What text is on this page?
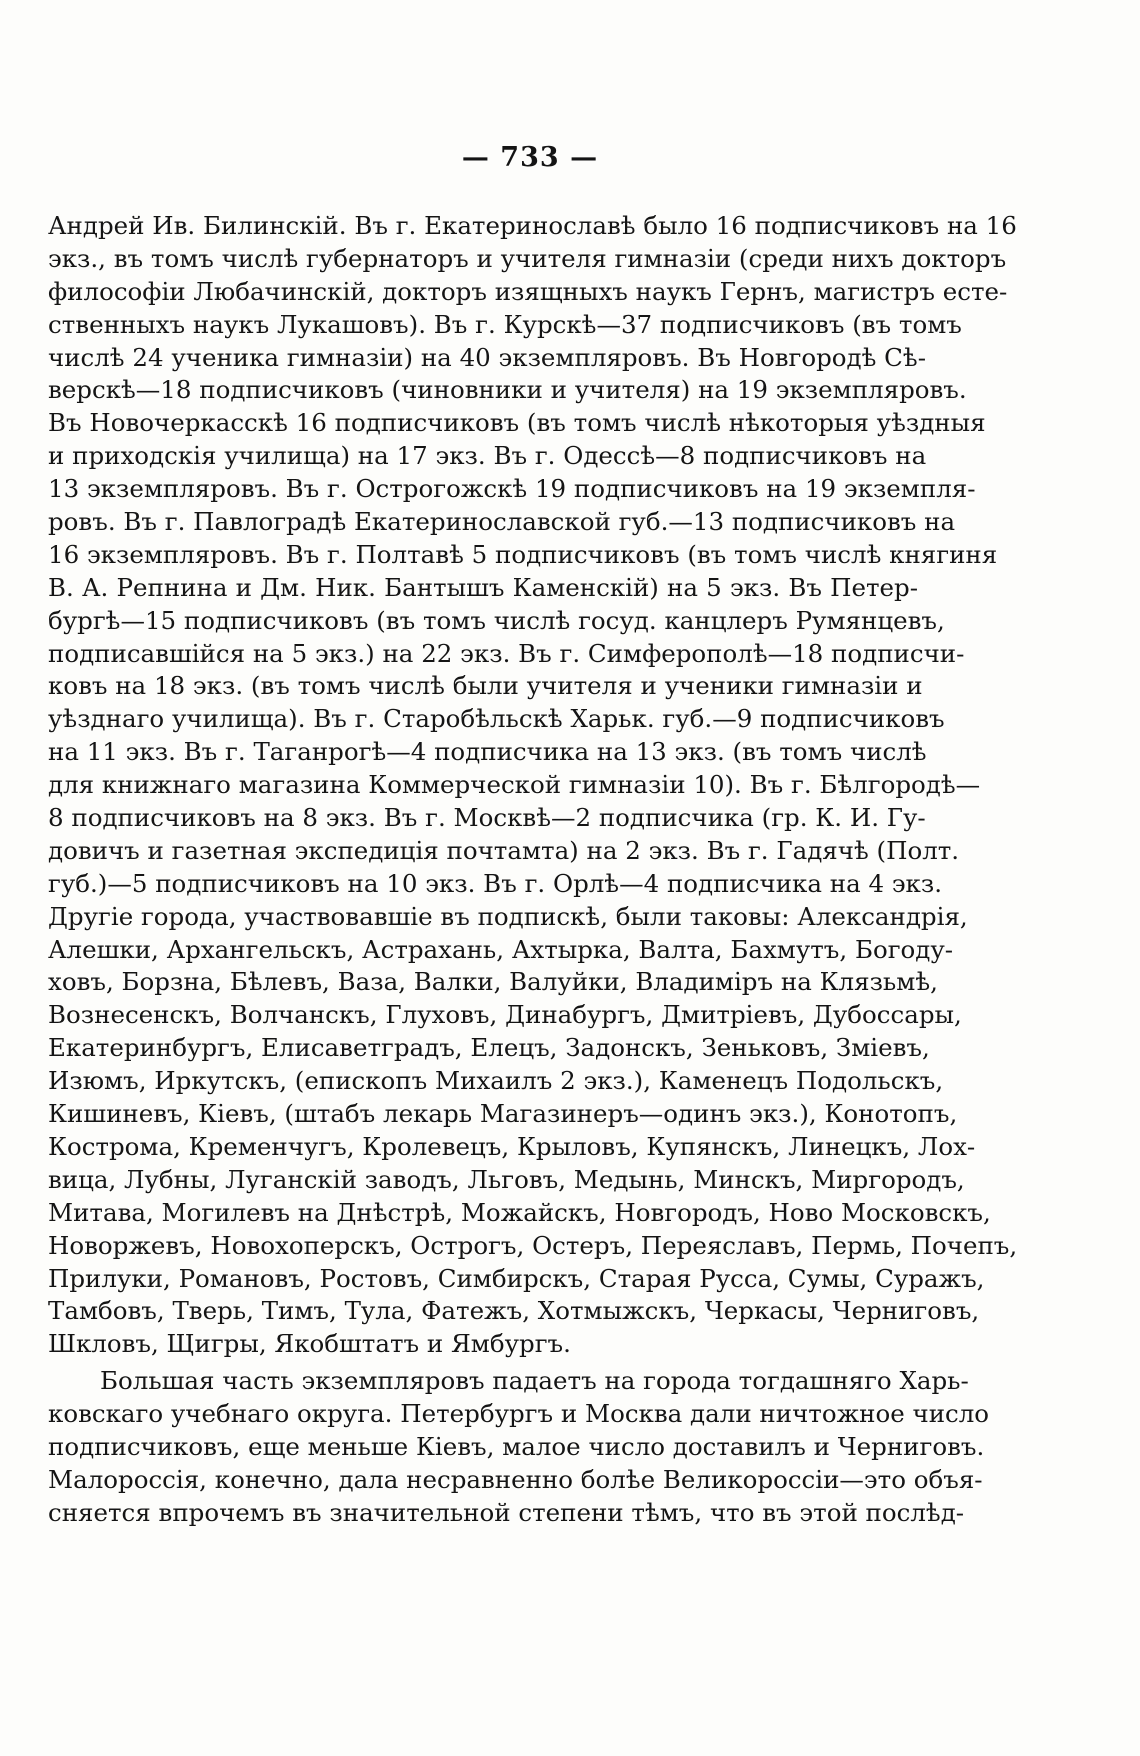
— 733 —
Андрей Ив. Билинскій. Въ г. Екатеринославѣ было 16 подписчиковъ на 16
экз., въ томъ числѣ губернаторъ и учителя гимназіи (среди нихъ докторъ
философіи Любачинскій, докторъ изящныхъ наукъ Гернъ, магистръ есте-
ственныхъ наукъ Лукашовъ). Въ г. Курскѣ—37 подписчиковъ (въ томъ
числѣ 24 ученика гимназіи) на 40 экземпляровъ. Въ Новгородѣ Сѣ-
верскѣ—18 подписчиковъ (чиновники и учителя) на 19 экземпляровъ.
Въ Новочеркасскѣ 16 подписчиковъ (въ томъ числѣ нѣкоторыя уѣздныя
и приходскія училища) на 17 экз. Въ г. Одессѣ—8 подписчиковъ на
13 экземпляровъ. Въ г. Острогожскѣ 19 подписчиковъ на 19 экземпля-
ровъ. Въ г. Павлоградѣ Екатеринославской губ.—13 подписчиковъ на
16 экземпляровъ. Въ г. Полтавѣ 5 подписчиковъ (въ томъ числѣ княгиня
В. А. Репнина и Дм. Ник. Бантышъ Каменскій) на 5 экз. Въ Петер-
бургѣ—15 подписчиковъ (въ томъ числѣ госуд. канцлеръ Румянцевъ,
подписавшійся на 5 экз.) на 22 экз. Въ г. Симферополѣ—18 подписчи-
ковъ на 18 экз. (въ томъ числѣ были учителя и ученики гимназіи и
уѣзднаго училища). Въ г. Старобѣльскѣ Харьк. губ.—9 подписчиковъ
на 11 экз. Въ г. Таганрогѣ—4 подписчика на 13 экз. (въ томъ числѣ
для книжнаго магазина Коммерческой гимназіи 10). Въ г. Бѣлгородѣ—
8 подписчиковъ на 8 экз. Въ г. Москвѣ—2 подписчика (гр. К. И. Гу-
довичъ и газетная экспедиція почтамта) на 2 экз. Въ г. Гадячѣ (Полт.
губ.)—5 подписчиковъ на 10 экз. Въ г. Орлѣ—4 подписчика на 4 экз.
Другіе города, участвовавшіе въ подпискѣ, были таковы: Александрія,
Алешки, Архангельскъ, Астрахань, Ахтырка, Валта, Бахмутъ, Богоду-
ховъ, Борзна, Бѣлевъ, Ваза, Валки, Валуйки, Владиміръ на Клязьмѣ,
Вознесенскъ, Волчанскъ, Глуховъ, Динабургъ, Дмитріевъ, Дубоссары,
Екатеринбургъ, Елисаветградъ, Елецъ, Задонскъ, Зеньковъ, Зміевъ,
Изюмъ, Иркутскъ, (епископъ Михаилъ 2 экз.), Каменецъ Подольскъ,
Кишиневъ, Кіевъ, (штабъ лекарь Магазинеръ—одинъ экз.), Конотопъ,
Кострома, Кременчугъ, Кролевецъ, Крыловъ, Купянскъ, Линецкъ, Лох-
вица, Лубны, Луганскій заводъ, Льговъ, Медынь, Минскъ, Миргородъ,
Митава, Могилевъ на Днѣстрѣ, Можайскъ, Новгородъ, Ново Московскъ,
Новоржевъ, Новохоперскъ, Острогъ, Остеръ, Переяславъ, Пермь, Почепъ,
Прилуки, Романовъ, Ростовъ, Симбирскъ, Старая Русса, Сумы, Суражъ,
Тамбовъ, Тверь, Тимъ, Тула, Фатежъ, Хотмыжскъ, Черкасы, Черниговъ,
Шкловъ, Щигры, Якобштатъ и Ямбургъ.
Большая часть экземпляровъ падаетъ на города тогдашняго Харь-
ковскаго учебнаго округа. Петербургъ и Москва дали ничтожное число
подписчиковъ, еще меньше Кіевъ, малое число доставилъ и Черниговъ.
Малороссія, конечно, дала несравненно болѣе Великороссіи—это объя-
сняется впрочемъ въ значительной степени тѣмъ, что въ этой послѣд-
